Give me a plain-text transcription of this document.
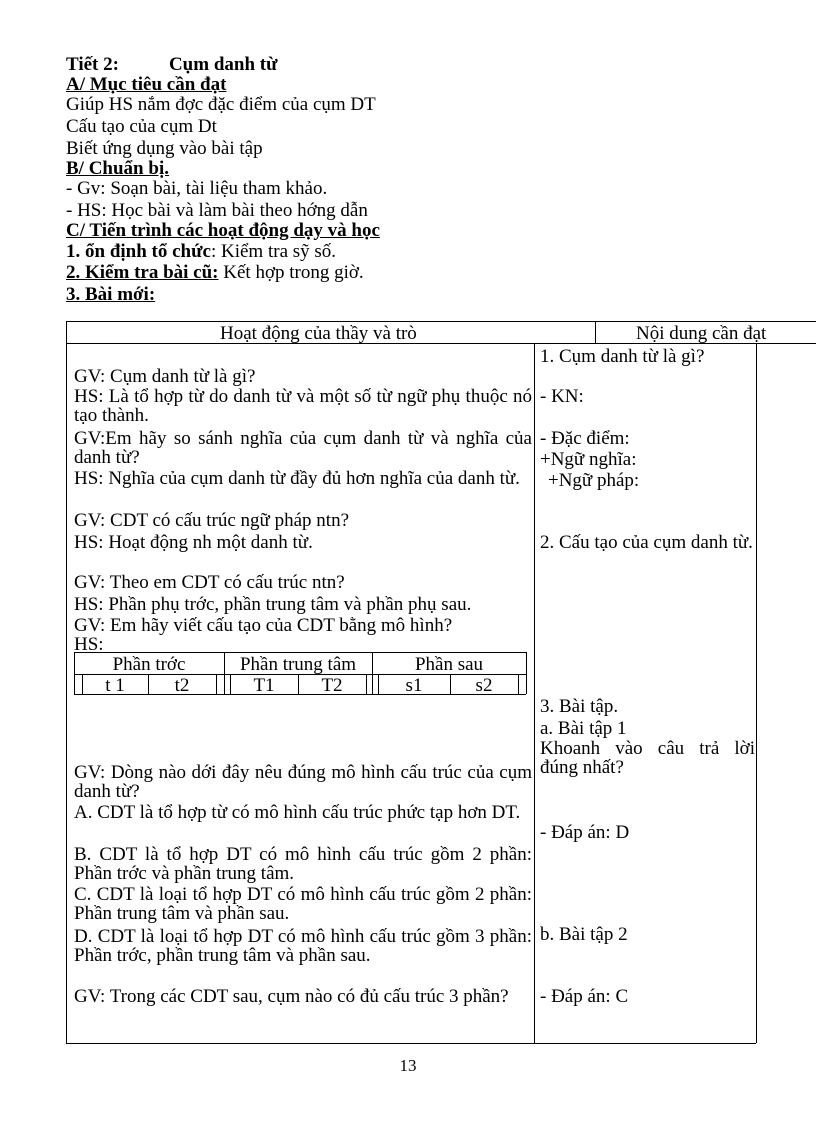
Tiết 2:	Cụm danh từ
A/ Mục tiêu cần đạt
Giúp HS nắm đợc đặc điểm của cụm DT
Cấu tạo của cụm Dt
Biết ứng dụng vào bài tập
B/ Chuẩn bị.
- Gv: Soạn bài, tài liệu tham khảo.
- HS: Học bài và làm bài theo hớng dẫn
C/ Tiến trình các hoạt động dạy và học
1. ổn định tổ chức: Kiểm tra sỹ số.
2. Kiểm tra bài cũ: Kết hợp trong giờ.
3. Bài mới:
Hoạt động của thầy và trò	Nội dung cần đạt
GV: Cụm danh từ là gì?
HS: Là tổ hợp từ do danh từ và một số từ ngữ phụ thuộc nó tạo thành.
GV:Em hãy so sánh nghĩa của cụm danh từ và nghĩa của danh từ?
HS: Nghĩa của cụm danh từ đầy đủ hơn nghĩa của danh từ.
GV: CDT có cấu trúc ngữ pháp ntn?
HS: Hoạt động nh một danh từ.
GV: Theo em CDT có cấu trúc ntn?
HS: Phần phụ trớc, phần trung tâm và phần phụ sau.
GV: Em hãy viết cấu tạo của CDT bằng mô hình?
HS:
Phần trớc	Phần trung tâm	Phần sau
t 1	t2	T1	T2	s1	s2
GV: Dòng nào dới đây nêu đúng mô hình cấu trúc của cụm danh từ?
A. CDT là tổ hợp từ có mô hình cấu trúc phức tạp hơn DT.
B. CDT là tổ hợp DT có mô hình cấu trúc gồm 2 phần: Phần trớc và phần trung tâm.
C. CDT là loại tổ hợp DT có mô hình cấu trúc gồm 2 phần: Phần trung tâm và phần sau.
D. CDT là loại tổ hợp DT có mô hình cấu trúc gồm 3 phần: Phần trớc, phần trung tâm và phần sau.
GV: Trong các CDT sau, cụm nào có đủ cấu trúc 3 phần?
1. Cụm danh từ là gì?
- KN:
- Đặc điểm:
+Ngữ nghĩa:
+Ngữ pháp:
2. Cấu tạo của cụm danh từ.
3. Bài tập.
a. Bài tập 1
Khoanh vào câu trả lời đúng nhất?
- Đáp án: D
b. Bài tập 2
- Đáp án: C
13
